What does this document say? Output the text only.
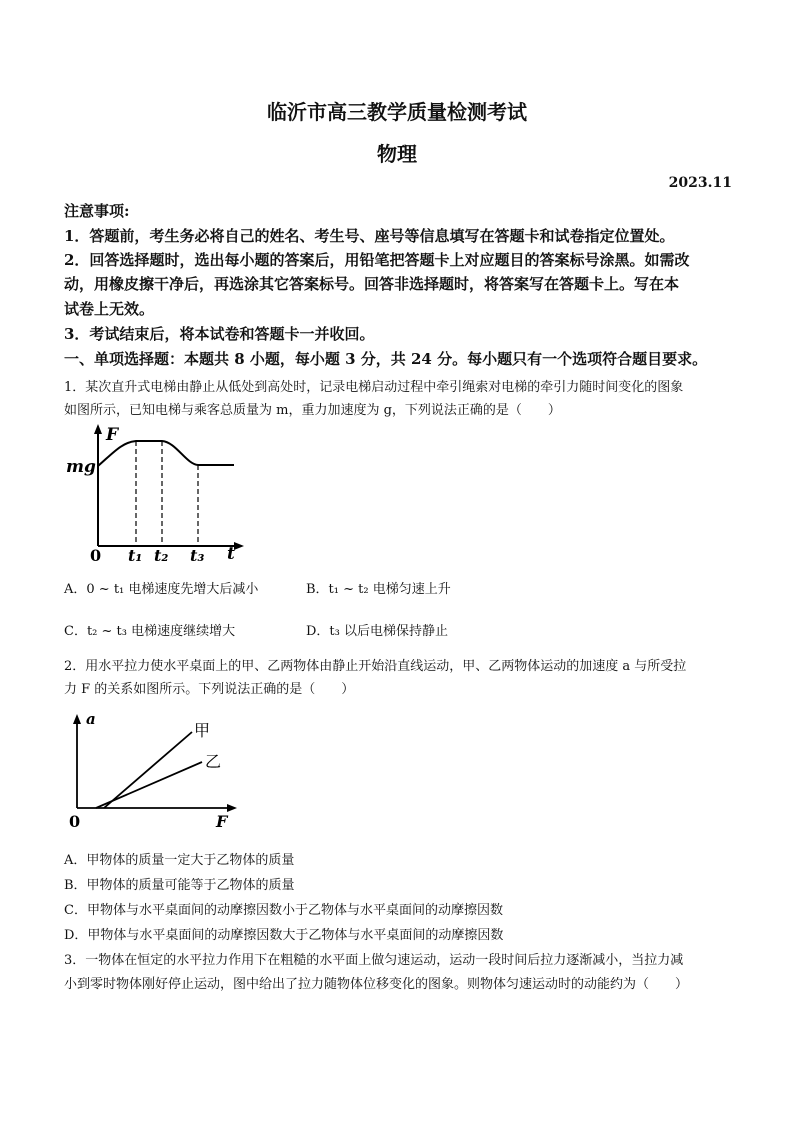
临沂市高三教学质量检测考试
物理
2023.11
注意事项:
1．答题前，考生务必将自己的姓名、考生号、座号等信息填写在答题卡和试卷指定位置处。
2．回答选择题时，选出每小题的答案后，用铅笔把答题卡上对应题目的答案标号涂黑。如需改
动，用橡皮擦干净后，再选涂其它答案标号。回答非选择题时，将答案写在答题卡上。写在本
试卷上无效。
3．考试结束后，将本试卷和答题卡一并收回。
一、单项选择题：本题共 8 小题，每小题 3 分，共 24 分。每小题只有一个选项符合题目要求。
1．某次直升式电梯由静止从低处到高处时，记录电梯启动过程中牵引绳索对电梯的牵引力随时间变化的图象
如图所示，已知电梯与乘客总质量为 m，重力加速度为 g，下列说法正确的是（　　）
F
mg
0 t₁ t₂ t₃ t
A．0 ~ t₁ 电梯速度先增大后减小	B．t₁ ~ t₂ 电梯匀速上升
C．t₂ ~ t₃ 电梯速度继续增大	D．t₃ 以后电梯保持静止
2．用水平拉力使水平桌面上的甲、乙两物体由静止开始沿直线运动，甲、乙两物体运动的加速度 a 与所受拉
力 F 的关系如图所示。下列说法正确的是（　　）
a
甲
乙
0	F
A．甲物体的质量一定大于乙物体的质量
B．甲物体的质量可能等于乙物体的质量
C．甲物体与水平桌面间的动摩擦因数小于乙物体与水平桌面间的动摩擦因数
D．甲物体与水平桌面间的动摩擦因数大于乙物体与水平桌面间的动摩擦因数
3．一物体在恒定的水平拉力作用下在粗糙的水平面上做匀速运动，运动一段时间后拉力逐渐减小，当拉力减
小到零时物体刚好停止运动，图中给出了拉力随物体位移变化的图象。则物体匀速运动时的动能约为（　　）
